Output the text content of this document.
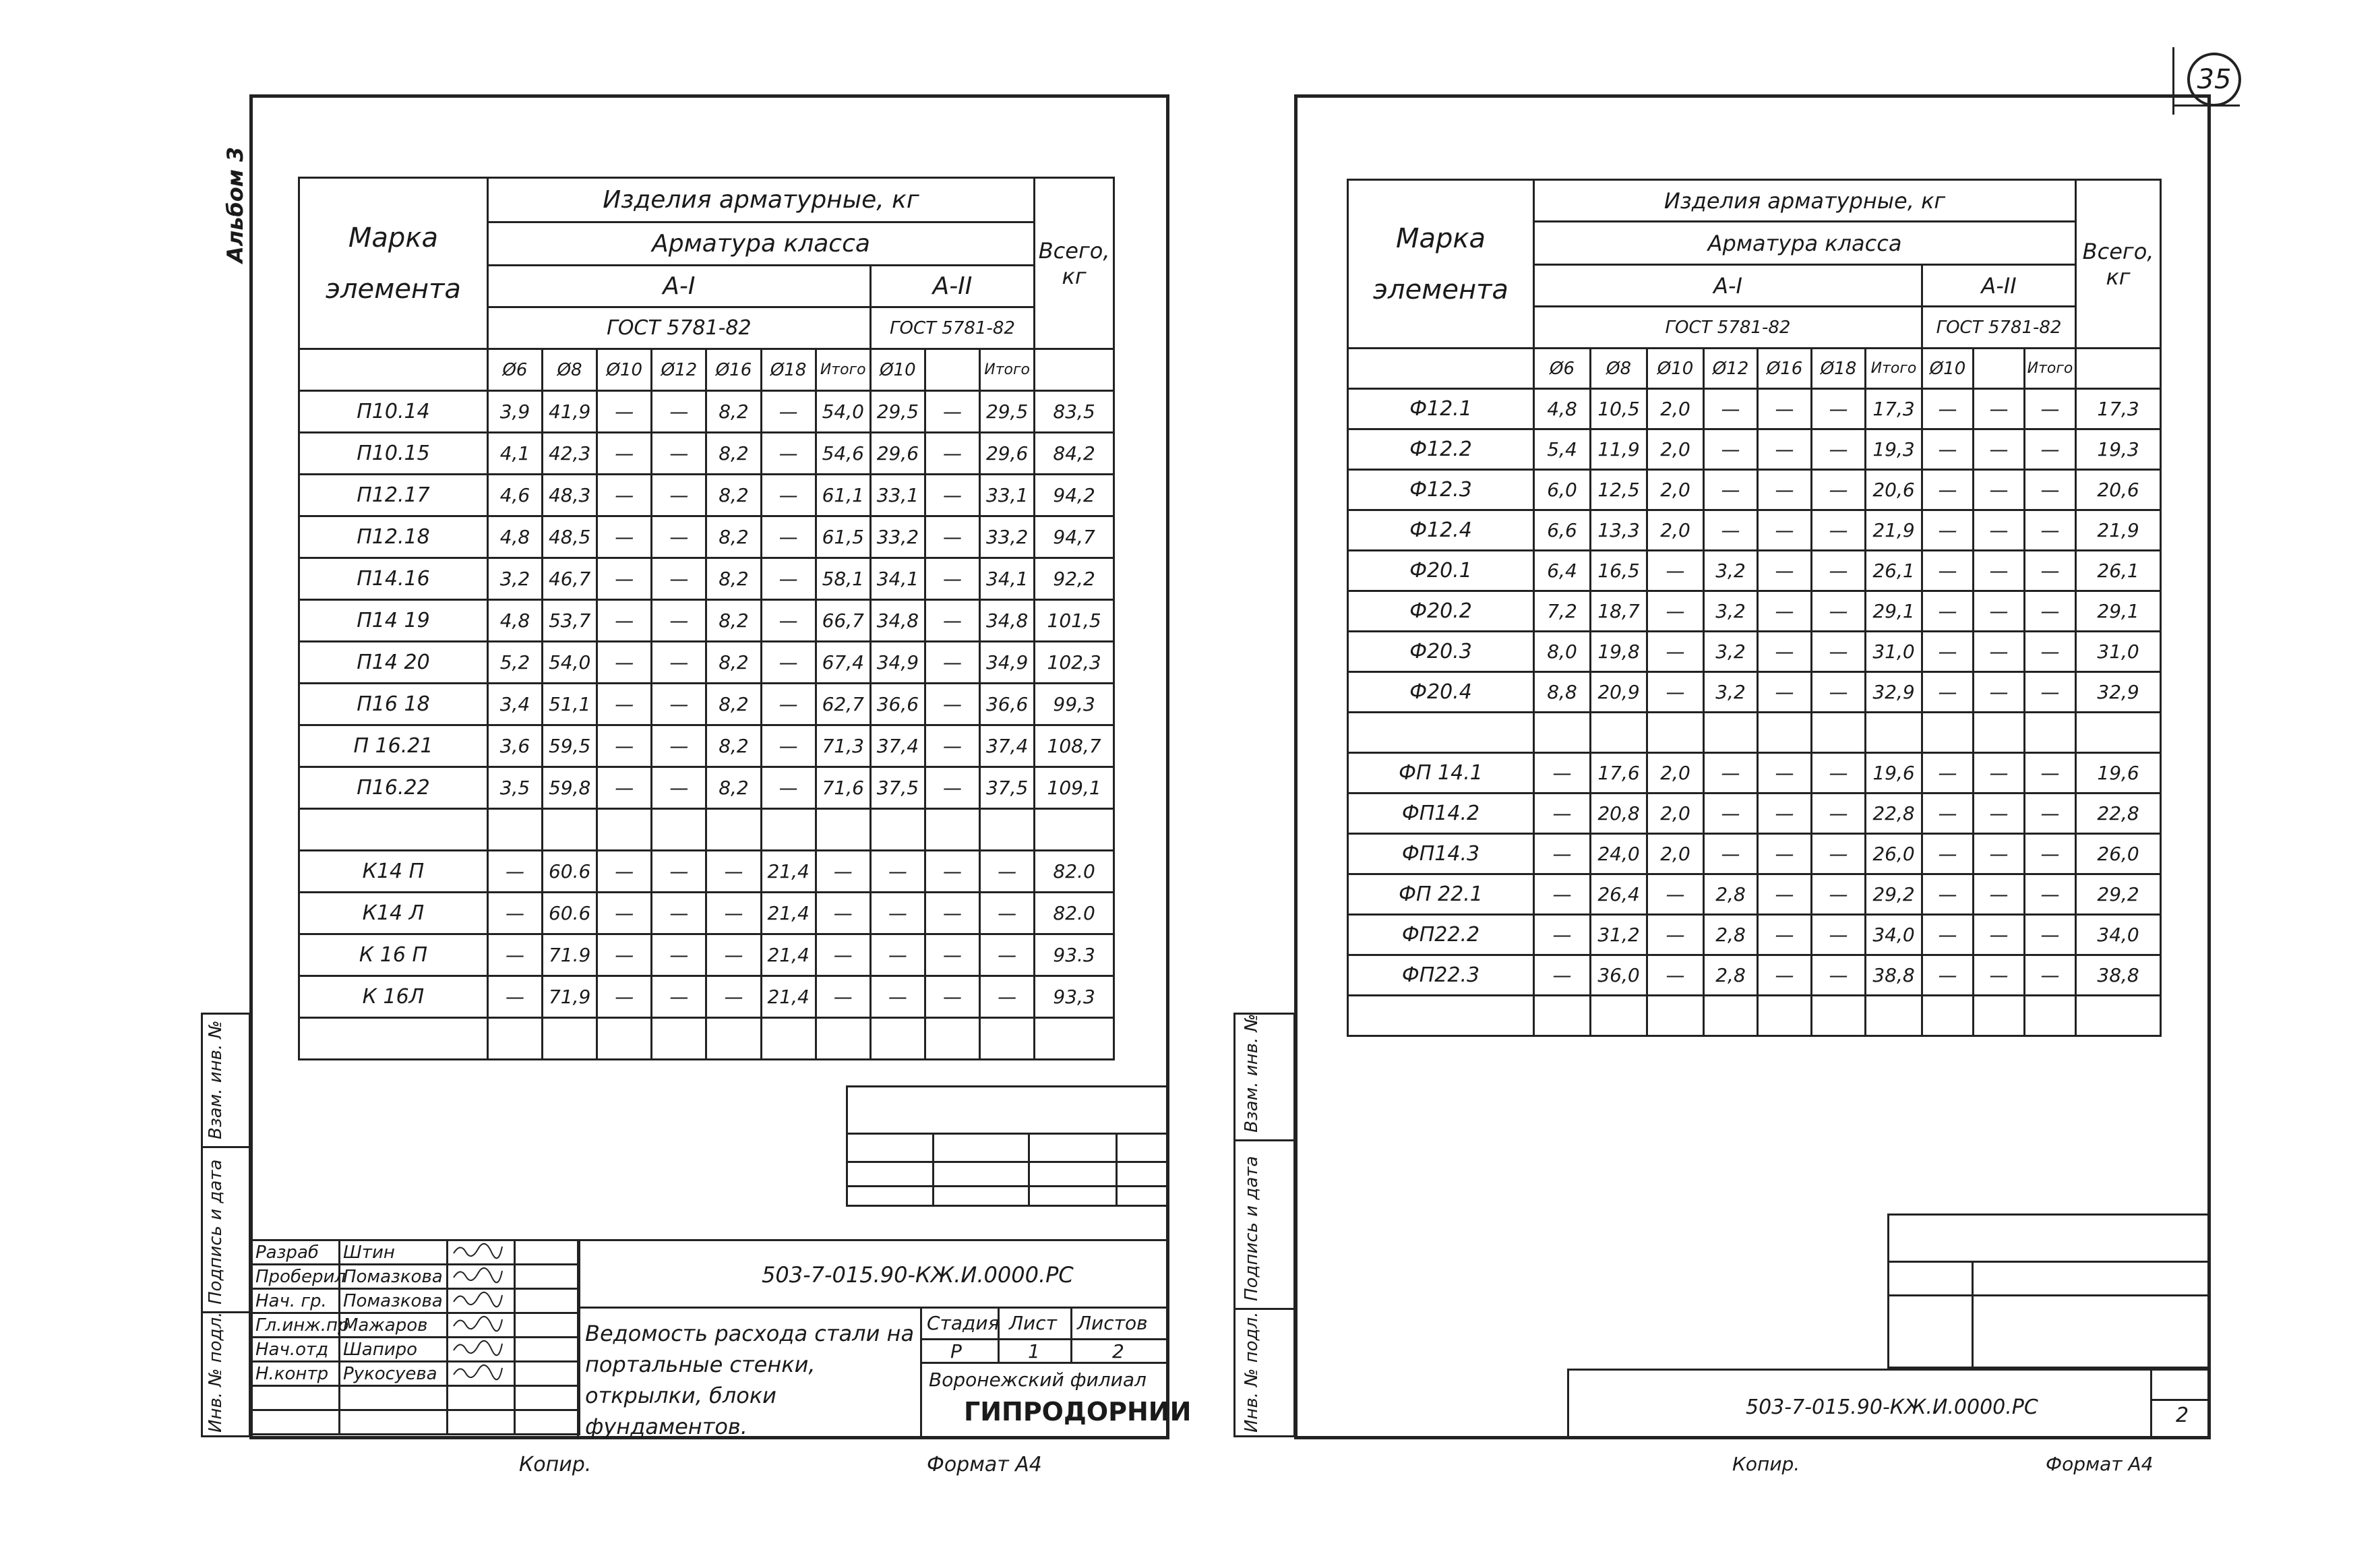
35
Альбом 3	Марка элемента	Изделия арматурные, кг										Всего, кг
	Арматура класса										
	А-I							А-II			
	ГОСТ 5781-82							ГОСТ 5781-82			
	Ø6	Ø8	Ø10	Ø12	Ø16	Ø18	Итого	Ø10		Итого	
П10.14	3,9	41,9	—	—	8,2	—	54,0	29,5	—	29,5	83,5
П10.15	4,1	42,3	—	—	8,2	—	54,6	29,6	—	29,6	84,2
П12.17	4,6	48,3	—	—	8,2	—	61,1	33,1	—	33,1	94,2
П12.18	4,8	48,5	—	—	8,2	—	61,5	33,2	—	33,2	94,7
П14.16	3,2	46,7	—	—	8,2	—	58,1	34,1	—	34,1	92,2
П14 19	4,8	53,7	—	—	8,2	—	66,7	34,8	—	34,8	101,5
П14 20	5,2	54,0	—	—	8,2	—	67,4	34,9	—	34,9	102,3
П16 18	3,4	51,1	—	—	8,2	—	62,7	36,6	—	36,6	99,3
П 16.21	3,6	59,5	—	—	8,2	—	71,3	37,4	—	37,4	108,7
П16.22	3,5	59,8	—	—	8,2	—	71,6	37,5	—	37,5	109,1

К14 П	—	60.6	—	—	—	21,4	—	—	—	—	82.0
К14 Л	—	60.6	—	—	—	21,4	—	—	—	—	82.0
К 16 П	—	71.9	—	—	—	21,4	—	—	—	—	93.3
К 16Л	—	71,9	—	—	—	21,4	—	—	—	—	93,3

Взам. инв. №
Подпись и дата
Инв. № подл.
Разраб	Штин		
Проберил	Помазкова		
Нач. гр.	Помазкова		
Гл.инж.пр	Мажаров		
Нач.отд	Шапиро		
Н.контр	Рукосуева		

503-7-015.90-КЖ.И.0000.РС
Ведомость расхода стали на портальные стенки, открылки, блоки фундаментов.
Стадия Лист Листов
Р	1	2
Воронежский филиал
ГИПРОДОРНИИ
Копир.	Формат А4
Марка элемента	Изделия арматурные, кг										Всего, кг
	Арматура класса										
	А-I							А-II			
	ГОСТ 5781-82							ГОСТ 5781-82			
	Ø6	Ø8	Ø10	Ø12	Ø16	Ø18	Итого	Ø10		Итого	
Ф12.1	4,8	10,5	2,0	—	—	—	17,3	—	—	—	17,3
Ф12.2	5,4	11,9	2,0	—	—	—	19,3	—	—	—	19,3
Ф12.3	6,0	12,5	2,0	—	—	—	20,6	—	—	—	20,6
Ф12.4	6,6	13,3	2,0	—	—	—	21,9	—	—	—	21,9
Ф20.1	6,4	16,5	—	3,2	—	—	26,1	—	—	—	26,1
Ф20.2	7,2	18,7	—	3,2	—	—	29,1	—	—	—	29,1
Ф20.3	8,0	19,8	—	3,2	—	—	31,0	—	—	—	31,0
Ф20.4	8,8	20,9	—	3,2	—	—	32,9	—	—	—	32,9

ФП 14.1	—	17,6	2,0	—	—	—	19,6	—	—	—	19,6
ФП14.2	—	20,8	2,0	—	—	—	22,8	—	—	—	22,8
ФП14.3	—	24,0	2,0	—	—	—	26,0	—	—	—	26,0
ФП 22.1	—	26,4	—	2,8	—	—	29,2	—	—	—	29,2
ФП22.2	—	31,2	—	2,8	—	—	34,0	—	—	—	34,0
ФП22.3	—	36,0	—	2,8	—	—	38,8	—	—	—	38,8

Взам. инв. №
Подпись и дата
Инв. № подл.	503-7-015.90-КЖ.И.0000.РС	2
Копир.	Формат А4
